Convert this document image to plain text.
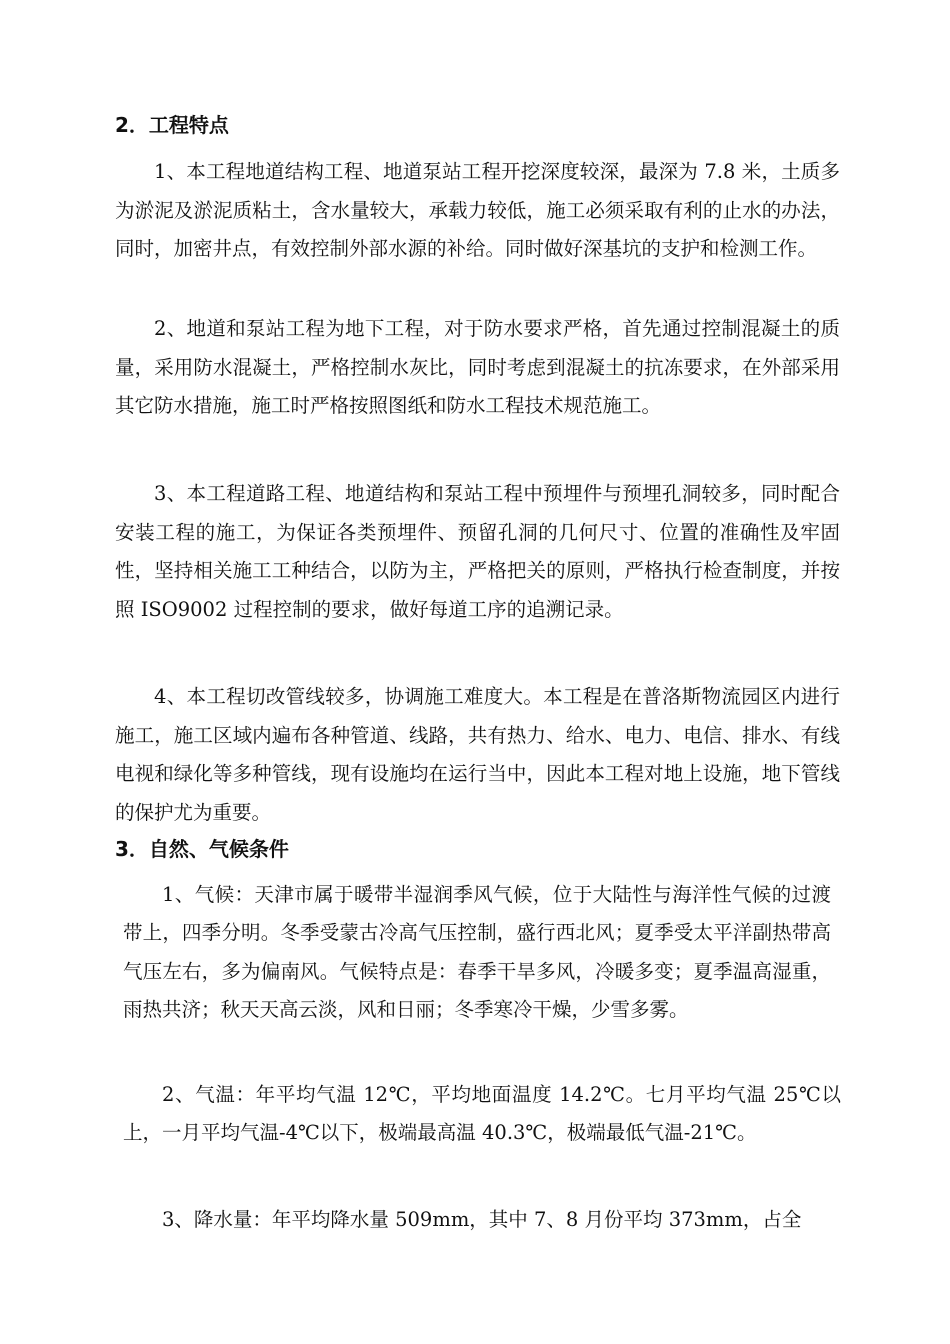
2．工程特点

1、本工程地道结构工程、地道泵站工程开挖深度较深，最深为 7.8 米，土质多为淤泥及淤泥质粘土，含水量较大，承载力较低，施工必须采取有利的止水的办法，同时，加密井点，有效控制外部水源的补给。同时做好深基坑的支护和检测工作。

2、地道和泵站工程为地下工程，对于防水要求严格，首先通过控制混凝土的质量，采用防水混凝土，严格控制水灰比，同时考虑到混凝土的抗冻要求，在外部采用其它防水措施，施工时严格按照图纸和防水工程技术规范施工。

3、本工程道路工程、地道结构和泵站工程中预埋件与预埋孔洞较多，同时配合安装工程的施工，为保证各类预埋件、预留孔洞的几何尺寸、位置的准确性及牢固性，坚持相关施工工种结合，以防为主，严格把关的原则，严格执行检查制度，并按照 ISO9002 过程控制的要求，做好每道工序的追溯记录。

4、本工程切改管线较多，协调施工难度大。本工程是在普洛斯物流园区内进行施工，施工区域内遍布各种管道、线路，共有热力、给水、电力、电信、排水、有线电视和绿化等多种管线，现有设施均在运行当中，因此本工程对地上设施，地下管线的保护尤为重要。

3．自然、气候条件

1、气候：天津市属于暖带半湿润季风气候，位于大陆性与海洋性气候的过渡带上，四季分明。冬季受蒙古冷高气压控制，盛行西北风；夏季受太平洋副热带高气压左右，多为偏南风。气候特点是：春季干旱多风，冷暖多变；夏季温高湿重，雨热共济；秋天天高云淡，风和日丽；冬季寒冷干燥，少雪多雾。

2、气温：年平均气温 12℃，平均地面温度 14.2℃。七月平均气温 25℃以上，一月平均气温-4℃以下，极端最高温 40.3℃，极端最低气温-21℃。

3、降水量：年平均降水量 509mm，其中 7、8 月份平均 373mm，占全
